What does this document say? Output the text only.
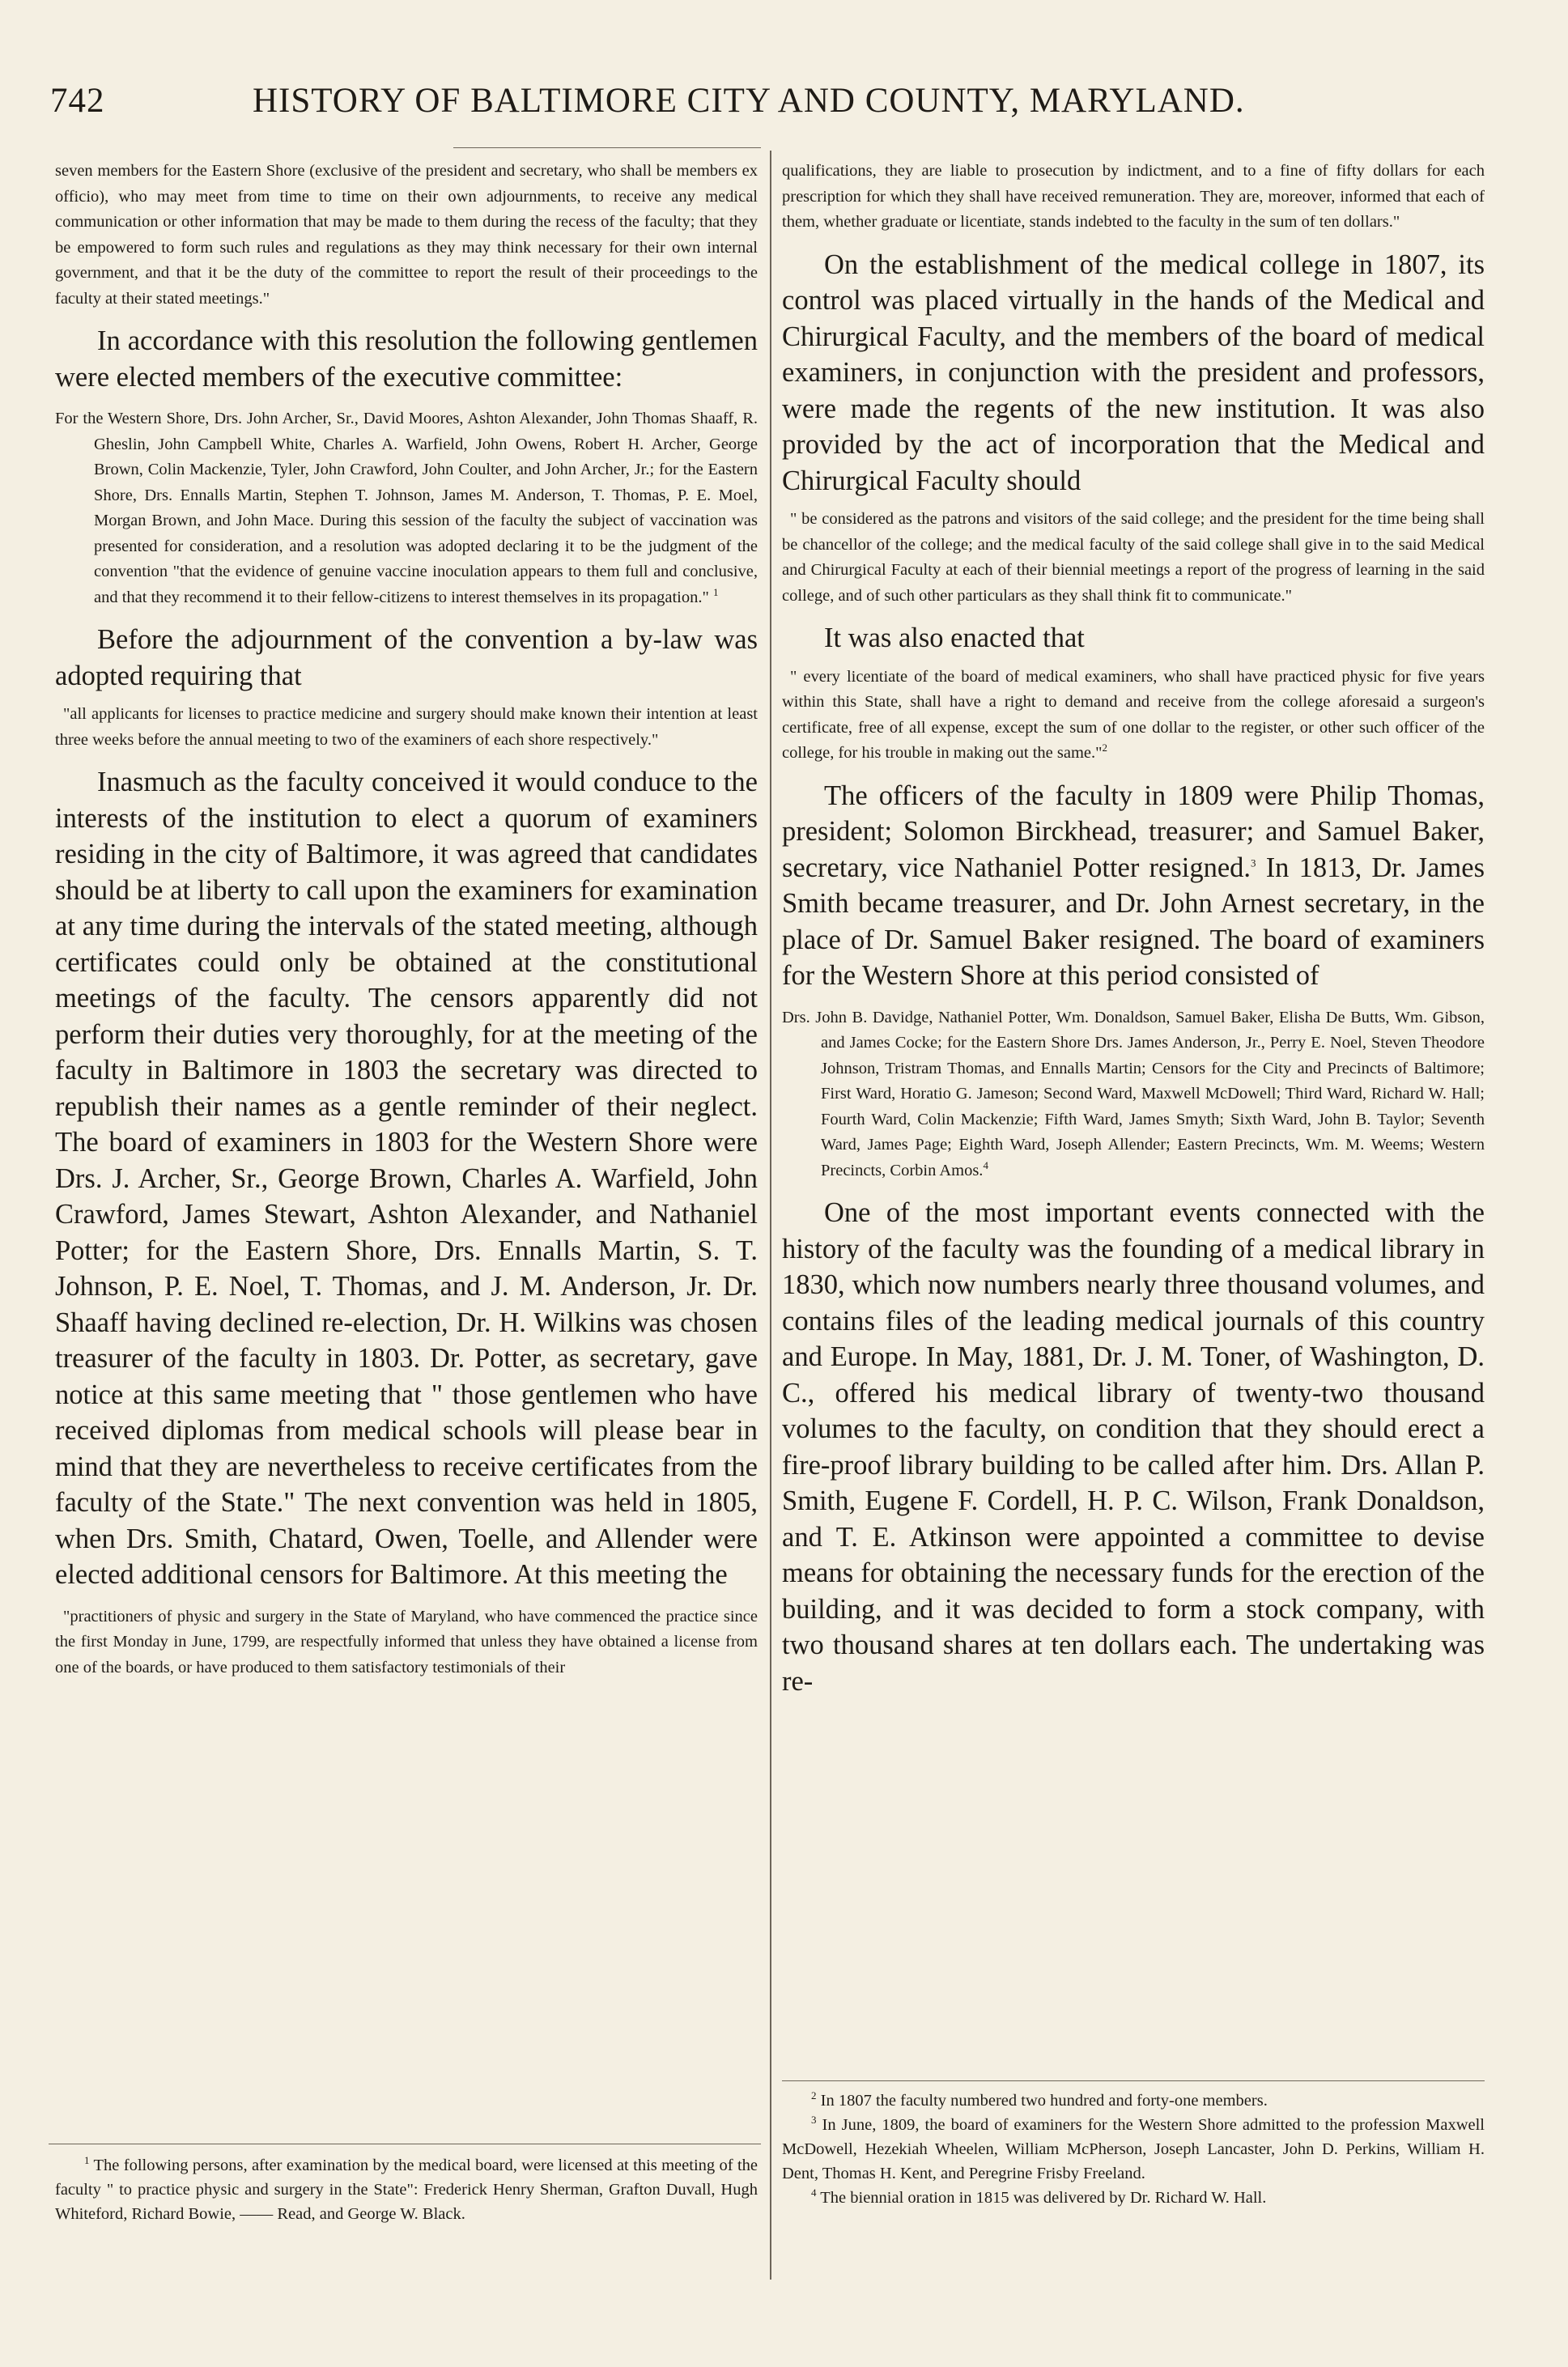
742	HISTORY OF BALTIMORE CITY AND COUNTY, MARYLAND.

seven members for the Eastern Shore (exclusive of the president and secretary, who shall be members ex officio), who may meet from time to time on their own adjournments, to receive any medical communication or other information that may be made to them during the recess of the faculty; that they be empowered to form such rules and regulations as they may think necessary for their own internal government, and that it be the duty of the committee to report the result of their proceedings to the faculty at their stated meetings."

In accordance with this resolution the following gentlemen were elected members of the executive committee:

For the Western Shore, Drs. John Archer, Sr., David Moores, Ashton Alexander, John Thomas Shaaff, R. Gheslin, John Campbell White, Charles A. Warfield, John Owens, Robert H. Archer, George Brown, Colin Mackenzie, Tyler, John Crawford, John Coulter, and John Archer, Jr.; for the Eastern Shore, Drs. Ennalls Martin, Stephen T. Johnson, James M. Anderson, T. Thomas, P. E. Moel, Morgan Brown, and John Mace. During this session of the faculty the subject of vaccination was presented for consideration, and a resolution was adopted declaring it to be the judgment of the convention "that the evidence of genuine vaccine inoculation appears to them full and conclusive, and that they recommend it to their fellow-citizens to interest themselves in its propagation." $^1$

Before the adjournment of the convention a by-law was adopted requiring that

"all applicants for licenses to practice medicine and surgery should make known their intention at least three weeks before the annual meeting to two of the examiners of each shore respectively."

Inasmuch as the faculty conceived it would conduce to the interests of the institution to elect a quorum of examiners residing in the city of Baltimore, it was agreed that candidates should be at liberty to call upon the examiners for examination at any time during the intervals of the stated meeting, although certificates could only be obtained at the constitutional meetings of the faculty. The censors apparently did not perform their duties very thoroughly, for at the meeting of the faculty in Baltimore in 1803 the secretary was directed to republish their names as a gentle reminder of their neglect. The board of examiners in 1803 for the Western Shore were Drs. J. Archer, Sr., George Brown, Charles A. Warfield, John Crawford, James Stewart, Ashton Alexander, and Nathaniel Potter; for the Eastern Shore, Drs. Ennalls Martin, S. T. Johnson, P. E. Noel, T. Thomas, and J. M. Anderson, Jr. Dr. Shaaff having declined re-election, Dr. H. Wilkins was chosen treasurer of the faculty in 1803. Dr. Potter, as secretary, gave notice at this same meeting that " those gentlemen who have received diplomas from medical schools will please bear in mind that they are nevertheless to receive certificates from the faculty of the State." The next convention was held in 1805, when Drs. Smith, Chatard, Owen, Toelle, and Allender were elected additional censors for Baltimore. At this meeting the

"practitioners of physic and surgery in the State of Maryland, who have commenced the practice since the first Monday in June, 1799, are respectfully informed that unless they have obtained a license from one of the boards, or have produced to them satisfactory testimonials of their

$^1$ The following persons, after examination by the medical board, were licensed at this meeting of the faculty " to practice physic and surgery in the State": Frederick Henry Sherman, Grafton Duvall, Hugh Whiteford, Richard Bowie, —— Read, and George W. Black.

qualifications, they are liable to prosecution by indictment, and to a fine of fifty dollars for each prescription for which they shall have received remuneration. They are, moreover, informed that each of them, whether graduate or licentiate, stands indebted to the faculty in the sum of ten dollars."

On the establishment of the medical college in 1807, its control was placed virtually in the hands of the Medical and Chirurgical Faculty, and the members of the board of medical examiners, in conjunction with the president and professors, were made the regents of the new institution. It was also provided by the act of incorporation that the Medical and Chirurgical Faculty should

" be considered as the patrons and visitors of the said college; and the president for the time being shall be chancellor of the college; and the medical faculty of the said college shall give in to the said Medical and Chirurgical Faculty at each of their biennial meetings a report of the progress of learning in the said college, and of such other particulars as they shall think fit to communicate."

It was also enacted that

" every licentiate of the board of medical examiners, who shall have practiced physic for five years within this State, shall have a right to demand and receive from the college aforesaid a surgeon's certificate, free of all expense, except the sum of one dollar to the register, or other such officer of the college, for his trouble in making out the same."$^2$

The officers of the faculty in 1809 were Philip Thomas, president; Solomon Birckhead, treasurer; and Samuel Baker, secretary, vice Nathaniel Potter resigned.$^3$ In 1813, Dr. James Smith became treasurer, and Dr. John Arnest secretary, in the place of Dr. Samuel Baker resigned. The board of examiners for the Western Shore at this period consisted of

Drs. John B. Davidge, Nathaniel Potter, Wm. Donaldson, Samuel Baker, Elisha De Butts, Wm. Gibson, and James Cocke; for the Eastern Shore Drs. James Anderson, Jr., Perry E. Noel, Steven Theodore Johnson, Tristram Thomas, and Ennalls Martin; Censors for the City and Precincts of Baltimore; First Ward, Horatio G. Jameson; Second Ward, Maxwell McDowell; Third Ward, Richard W. Hall; Fourth Ward, Colin Mackenzie; Fifth Ward, James Smyth; Sixth Ward, John B. Taylor; Seventh Ward, James Page; Eighth Ward, Joseph Allender; Eastern Precincts, Wm. M. Weems; Western Precincts, Corbin Amos.$^4$

One of the most important events connected with the history of the faculty was the founding of a medical library in 1830, which now numbers nearly three thousand volumes, and contains files of the leading medical journals of this country and Europe. In May, 1881, Dr. J. M. Toner, of Washington, D. C., offered his medical library of twenty-two thousand volumes to the faculty, on condition that they should erect a fire-proof library building to be called after him. Drs. Allan P. Smith, Eugene F. Cordell, H. P. C. Wilson, Frank Donaldson, and T. E. Atkinson were appointed a committee to devise means for obtaining the necessary funds for the erection of the building, and it was decided to form a stock company, with two thousand shares at ten dollars each. The undertaking was re-

$^2$ In 1807 the faculty numbered two hundred and forty-one members.

$^3$ In June, 1809, the board of examiners for the Western Shore admitted to the profession Maxwell McDowell, Hezekiah Wheelen, William McPherson, Joseph Lancaster, John D. Perkins, William H. Dent, Thomas H. Kent, and Peregrine Frisby Freeland.

$^4$ The biennial oration in 1815 was delivered by Dr. Richard W. Hall.
